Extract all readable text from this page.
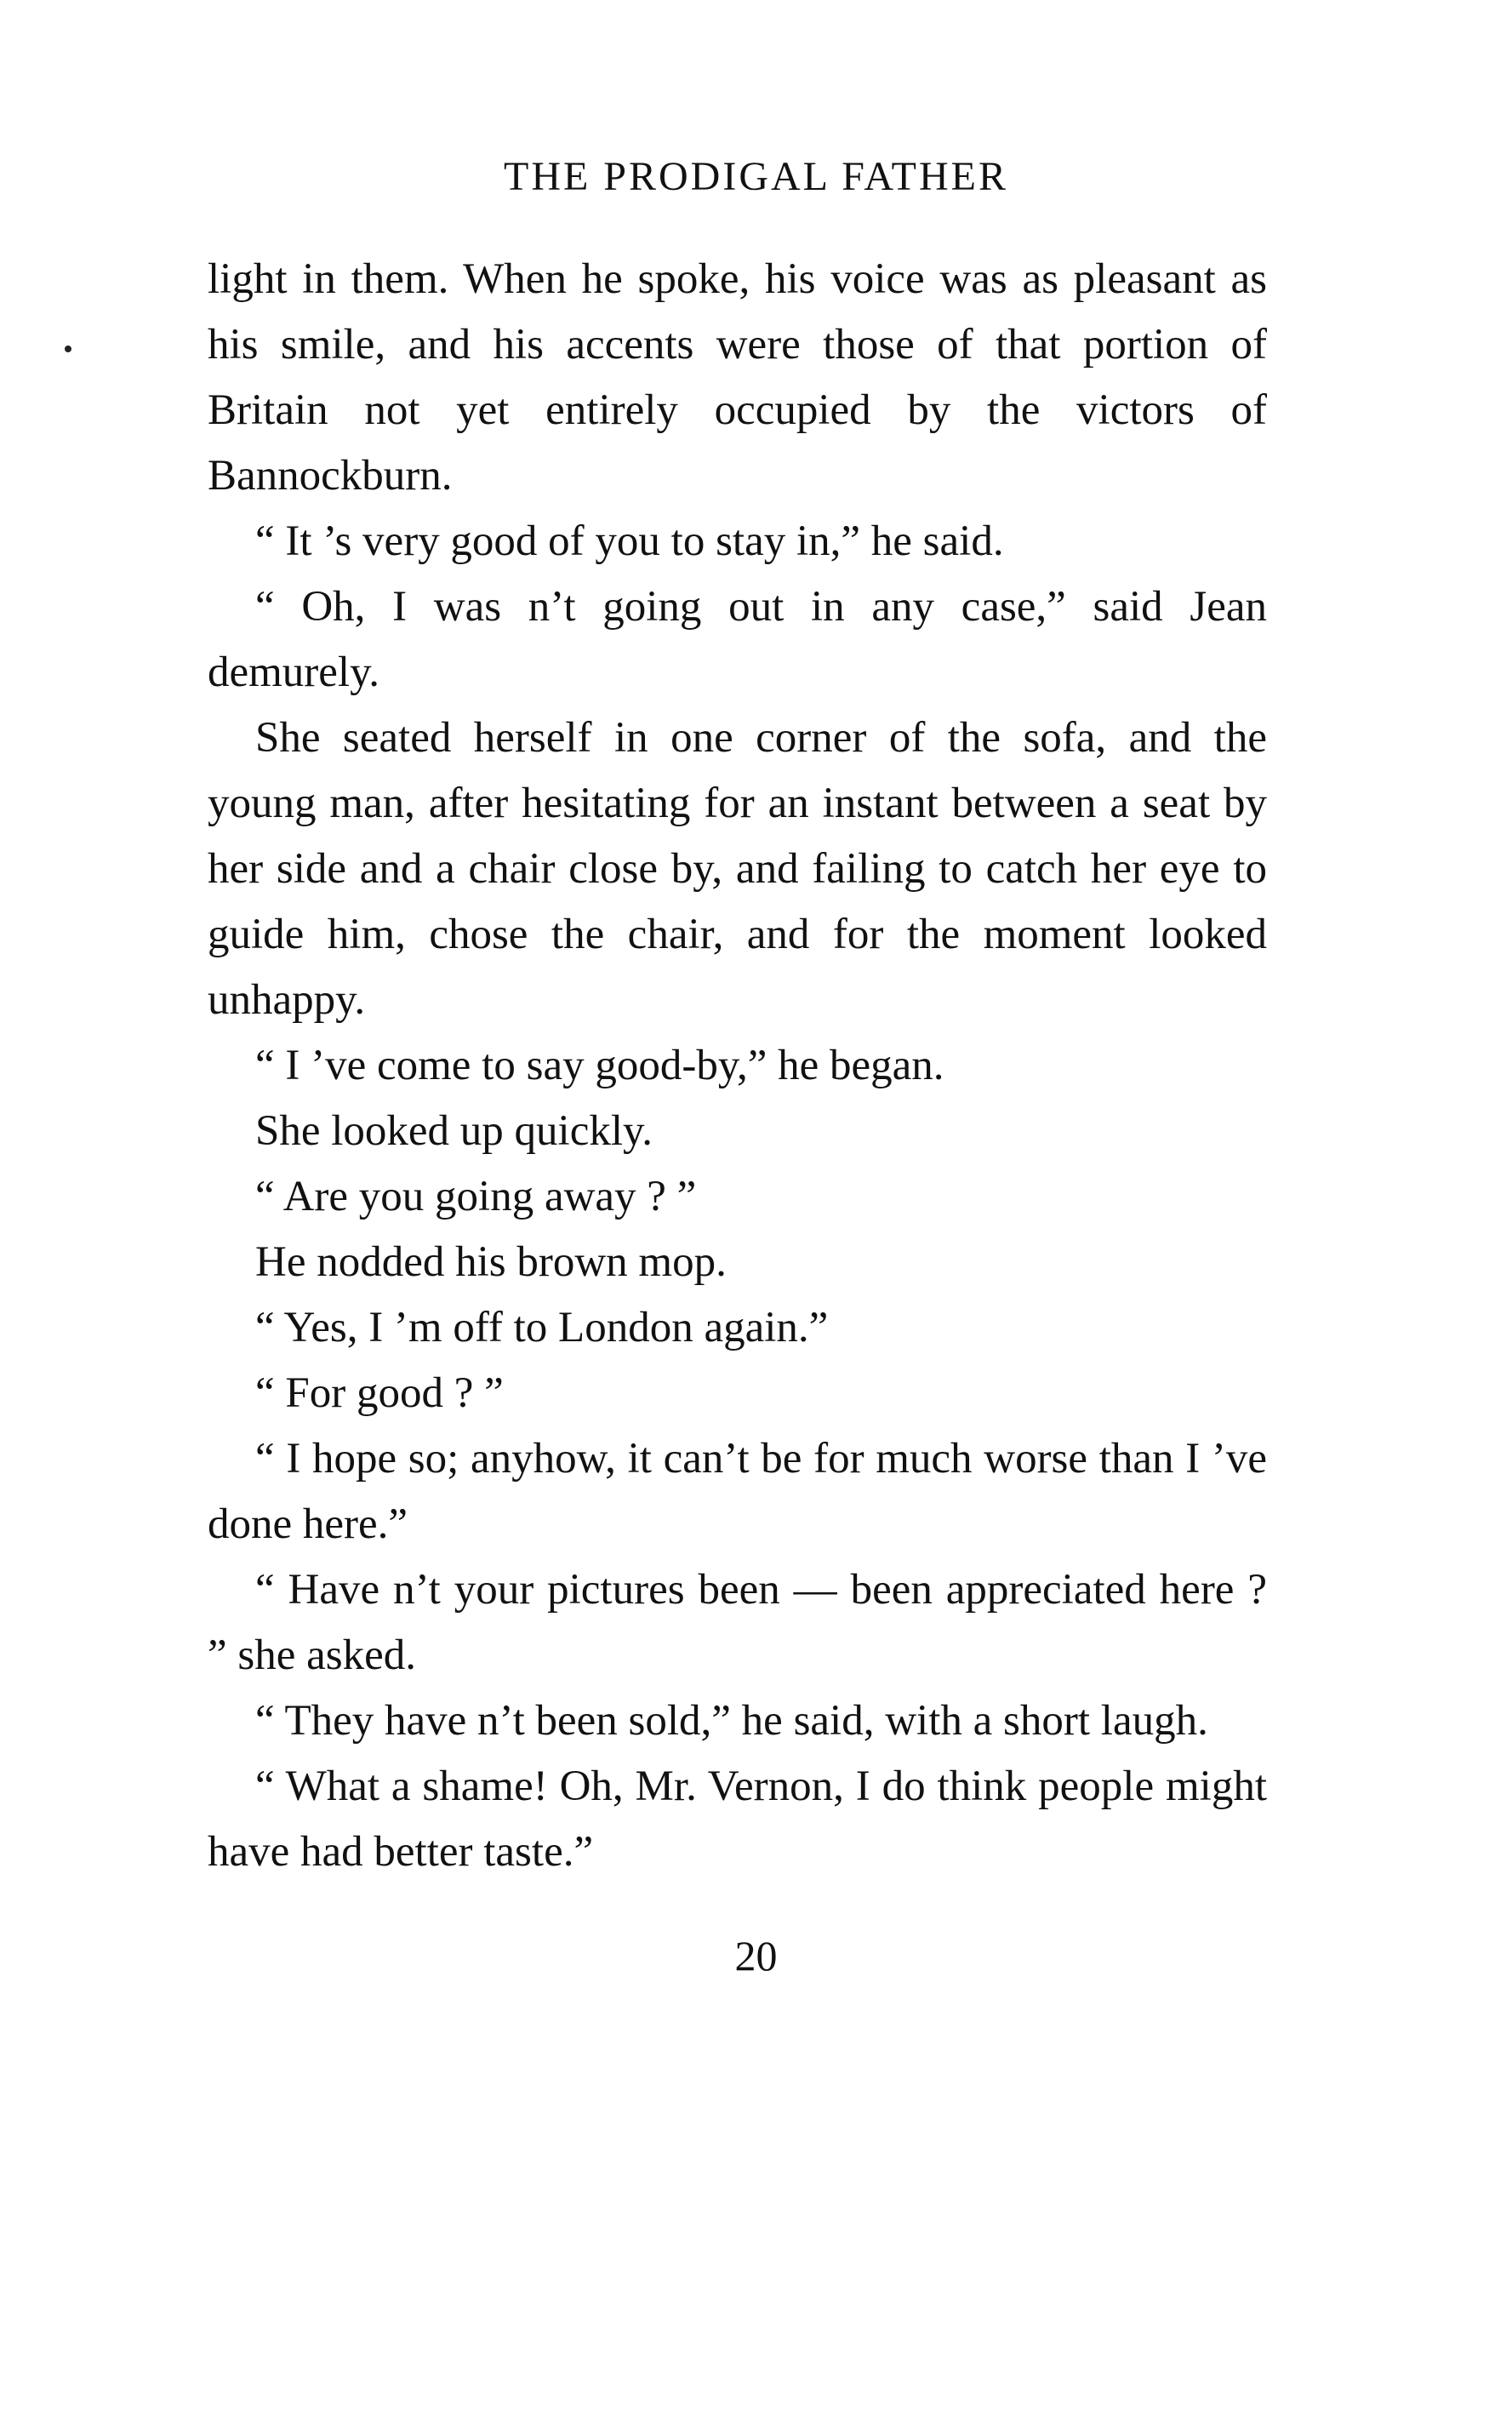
THE PRODIGAL FATHER

light in them. When he spoke, his voice was as pleasant as his smile, and his accents were those of that portion of Britain not yet entirely occupied by the victors of Bannockburn.

“ It ’s very good of you to stay in,” he said.

“ Oh, I was n’t going out in any case,” said Jean demurely.

She seated herself in one corner of the sofa, and the young man, after hesitating for an instant between a seat by her side and a chair close by, and failing to catch her eye to guide him, chose the chair, and for the moment looked unhappy.

“ I ’ve come to say good-by,” he began.

She looked up quickly.

“ Are you going away ? ”

He nodded his brown mop.

“ Yes, I ’m off to London again.”

“ For good ? ”

“ I hope so; anyhow, it can’t be for much worse than I ’ve done here.”

“ Have n’t your pictures been — been appreciated here ? ” she asked.

“ They have n’t been sold,” he said, with a short laugh.

“ What a shame! Oh, Mr. Vernon, I do think people might have had better taste.”

20
